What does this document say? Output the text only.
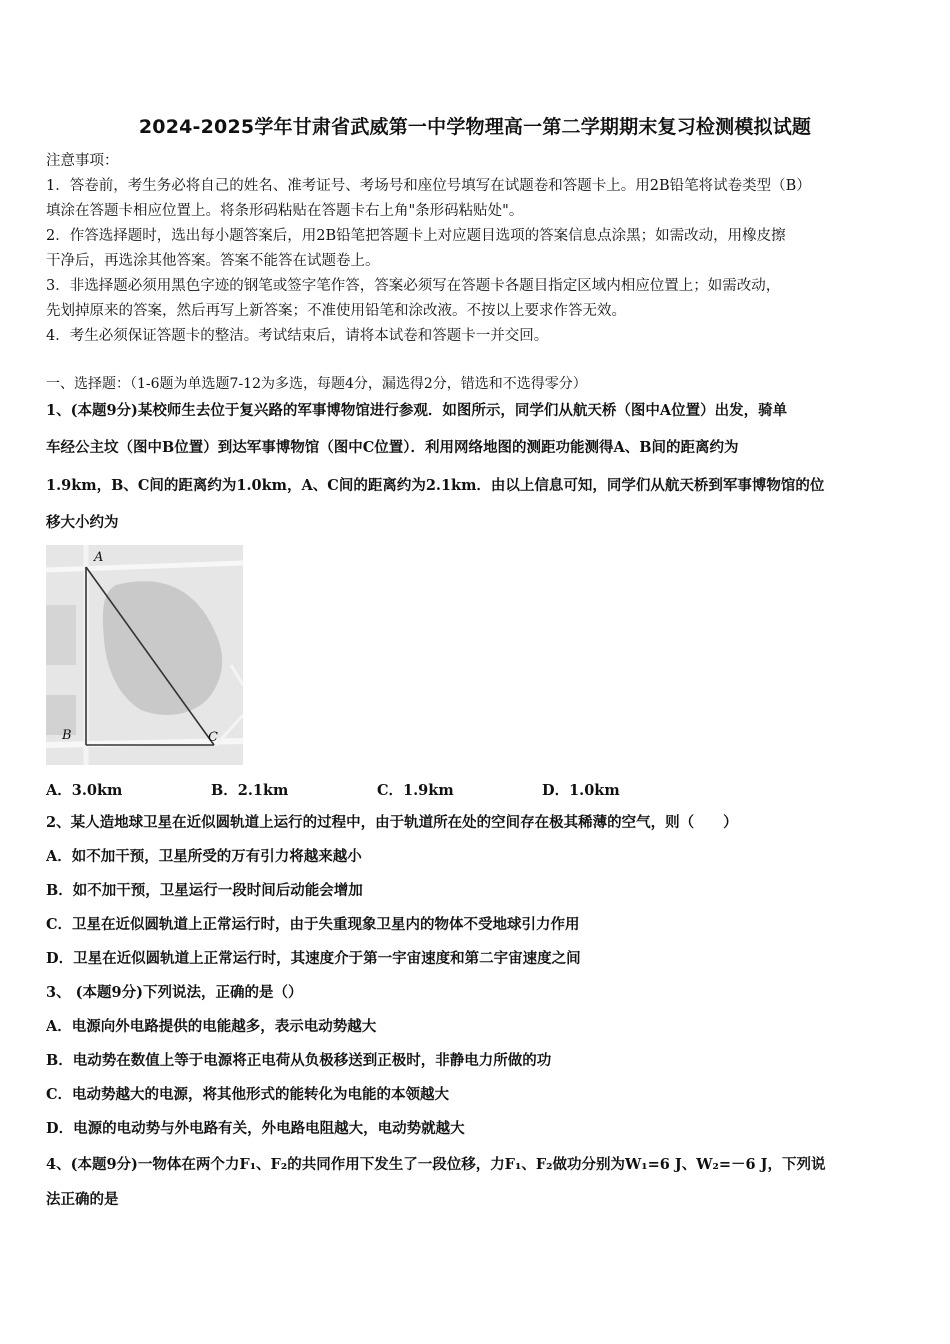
2024-2025学年甘肃省武威第一中学物理高一第二学期期末复习检测模拟试题
注意事项：
1．答卷前，考生务必将自己的姓名、准考证号、考场号和座位号填写在试题卷和答题卡上。用2B铅笔将试卷类型（B）
填涂在答题卡相应位置上。将条形码粘贴在答题卡右上角"条形码粘贴处"。
2．作答选择题时，选出每小题答案后，用2B铅笔把答题卡上对应题目选项的答案信息点涂黑；如需改动，用橡皮擦
干净后，再选涂其他答案。答案不能答在试题卷上。
3．非选择题必须用黑色字迹的钢笔或签字笔作答，答案必须写在答题卡各题目指定区域内相应位置上；如需改动，
先划掉原来的答案，然后再写上新答案；不准使用铅笔和涂改液。不按以上要求作答无效。
4．考生必须保证答题卡的整洁。考试结束后，请将本试卷和答题卡一并交回。
一、选择题：（1-6题为单选题7-12为多选，每题4分，漏选得2分，错选和不选得零分）
1、(本题9分)某校师生去位于复兴路的军事博物馆进行参观．如图所示，同学们从航天桥（图中A位置）出发，骑单
车经公主坟（图中B位置）到达军事博物馆（图中C位置）．利用网络地图的测距功能测得A、B间的距离约为
1.9km，B、C间的距离约为1.0km，A、C间的距离约为2.1km．由以上信息可知，同学们从航天桥到军事博物馆的位
移大小约为
A
B	C
A．3.0km	B．2.1km	C．1.9km	D．1.0km
2、某人造地球卫星在近似圆轨道上运行的过程中，由于轨道所在处的空间存在极其稀薄的空气，则（　　）
A．如不加干预，卫星所受的万有引力将越来越小
B．如不加干预，卫星运行一段时间后动能会增加
C．卫星在近似圆轨道上正常运行时，由于失重现象卫星内的物体不受地球引力作用
D．卫星在近似圆轨道上正常运行时，其速度介于第一宇宙速度和第二宇宙速度之间
3、 (本题9分)下列说法，正确的是（）
A．电源向外电路提供的电能越多，表示电动势越大
B．电动势在数值上等于电源将正电荷从负极移送到正极时，非静电力所做的功
C．电动势越大的电源，将其他形式的能转化为电能的本领越大
D．电源的电动势与外电路有关，外电路电阻越大，电动势就越大
4、(本题9分)一物体在两个力F₁、F₂的共同作用下发生了一段位移，力F₁、F₂做功分别为W₁=6 J、W₂=－6 J，下列说
法正确的是
